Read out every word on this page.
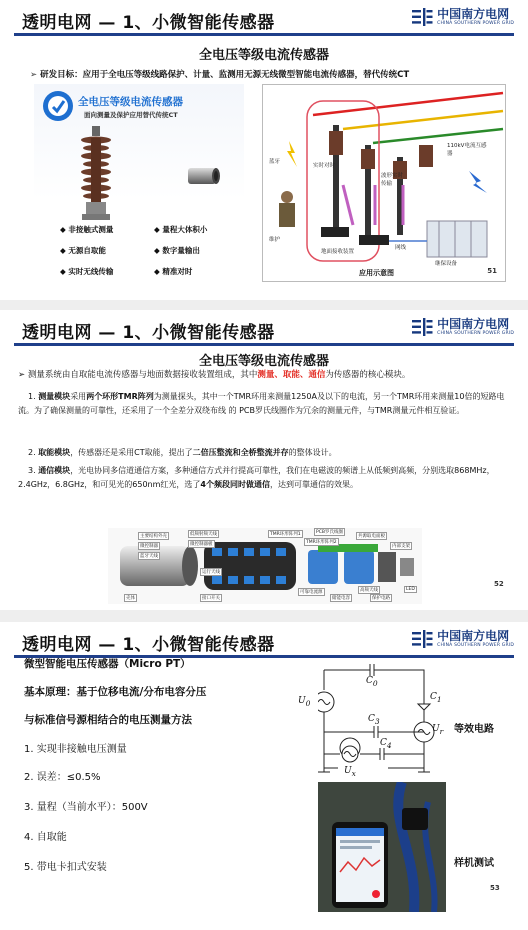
透明电网 — 1、小微智能传感器	中国南方电网
CHINA SOUTHERN POWER GRID
全电压等级电流传感器
➢ 研发目标：应用于全电压等级线路保护、计量、监测用无源无线微型智能电流传感器，替代传统CT
全电压等级电流传感器
面向测量及保护应用替代传统CT
◆ 非接触式测量	◆ 量程大体积小
◆ 无源自取能	◆ 数字量输出
◆ 实时无线传输	◆ 精准对时
蓝牙
实时对时
波形实时传输
110kV电流互感器
维护
地面接收装置
网线
继保设备
应用示意图	51
透明电网 — 1、小微智能传感器	中国南方电网
CHINA SOUTHERN POWER GRID
全电压等级电流传感器
➢ 测量系统由自取能电流传感器与地面数据接收装置组成，其中测量、取能、通信为传感器的核心模块。
1. 测量模块采用两个环形TMR阵列为测量探头，其中一个TMR环用来测量1250A及以下的电流，另一个TMR环用来测量10倍的短路电流。为了确保测量的可靠性，还采用了一个全差分双绕布线 的 PCB罗氏线圈作为冗余的测量元件，与TMR测量元件相互验证。
2. 取能模块，传感器还是采用CT取能，提出了二倍压整流和全桥整流并存的整体设计。
3. 通信模块，光电协同多信道通信方案，多种通信方式并行提高可靠性，我们在电磁波的频谱上从低频到高频，分别选取868MHz，2.4GHz，6.8GHz，和可见光的650nm红光，选了4个频段同时做通信，达到可靠通信的效果。
主要结构外壳
微控制器
蓝牙天线
壳体
低频射频天线
微控制器板
运行天线
接口开关
TMR环形阵列1	PCB罗氏线圈
TMR环形阵列2
共源取电面板
可靠电流源
内部支架
储能电容
高频天线
保护电路
LED
52
透明电网 — 1、小微智能传感器	中国南方电网
CHINA SOUTHERN POWER GRID
微型智能电压传感器（Micro PT）
基本原理：基于位移电流/分布电容分压
与标准信号源相结合的电压测量方法
1. 实现非接触电压测量
2. 误差：≤0.5%
3. 量程（当前水平）：500V
4. 自取能
5. 带电卡扣式安装
$U_0$
$U_r$
$U_x$
$C_0$
$C_1$
$C_3$
$C_4$
等效电路
样机测试
53
